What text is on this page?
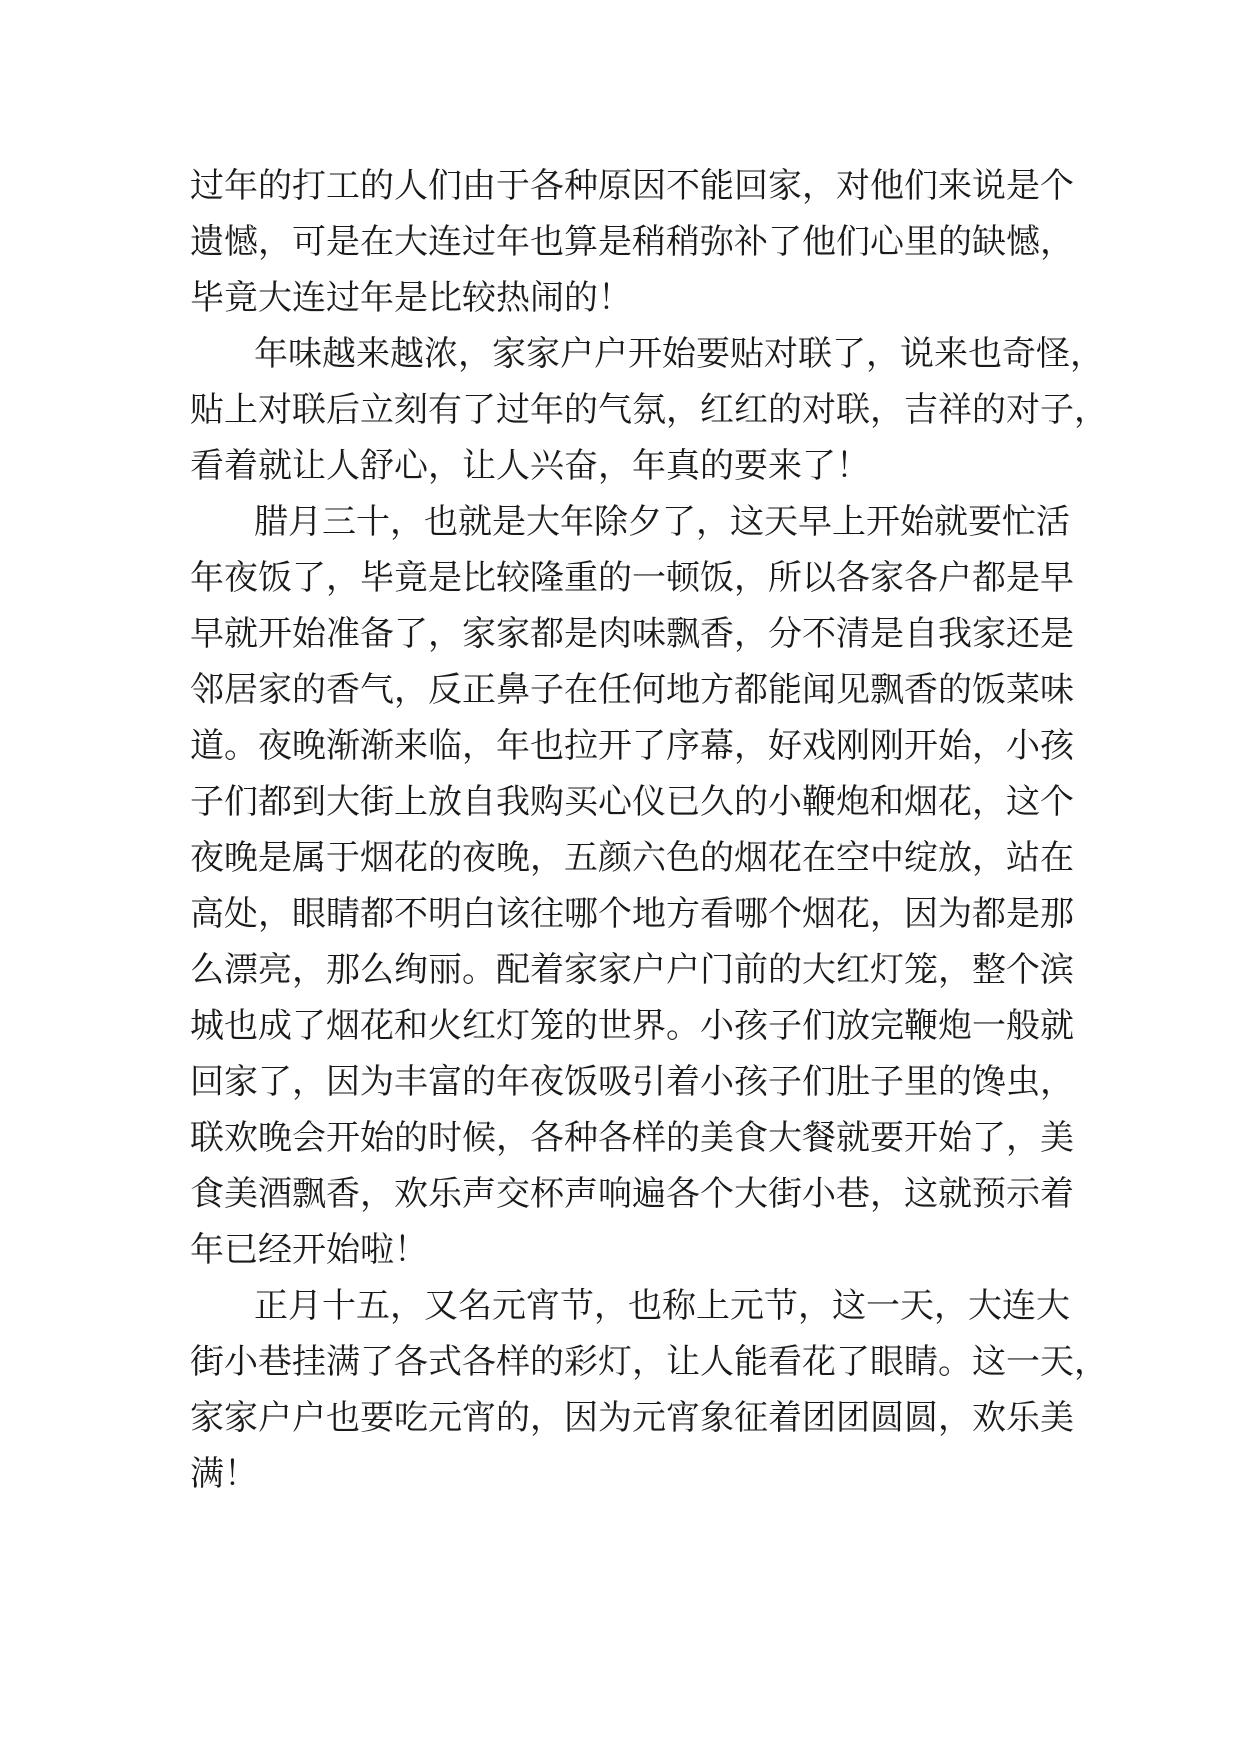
过年的打工的人们由于各种原因不能回家，对他们来说是个
遗憾，可是在大连过年也算是稍稍弥补了他们心里的缺憾，
毕竟大连过年是比较热闹的！
年味越来越浓，家家户户开始要贴对联了，说来也奇怪，
贴上对联后立刻有了过年的气氛，红红的对联，吉祥的对子，
看着就让人舒心，让人兴奋，年真的要来了！
腊月三十，也就是大年除夕了，这天早上开始就要忙活
年夜饭了，毕竟是比较隆重的一顿饭，所以各家各户都是早
早就开始准备了，家家都是肉味飘香，分不清是自我家还是
邻居家的香气，反正鼻子在任何地方都能闻见飘香的饭菜味
道。夜晚渐渐来临，年也拉开了序幕，好戏刚刚开始，小孩
子们都到大街上放自我购买心仪已久的小鞭炮和烟花，这个
夜晚是属于烟花的夜晚，五颜六色的烟花在空中绽放，站在
高处，眼睛都不明白该往哪个地方看哪个烟花，因为都是那
么漂亮，那么绚丽。配着家家户户门前的大红灯笼，整个滨
城也成了烟花和火红灯笼的世界。小孩子们放完鞭炮一般就
回家了，因为丰富的年夜饭吸引着小孩子们肚子里的馋虫，
联欢晚会开始的时候，各种各样的美食大餐就要开始了，美
食美酒飘香，欢乐声交杯声响遍各个大街小巷，这就预示着
年已经开始啦！
正月十五，又名元宵节，也称上元节，这一天，大连大
街小巷挂满了各式各样的彩灯，让人能看花了眼睛。这一天，
家家户户也要吃元宵的，因为元宵象征着团团圆圆，欢乐美
满！
